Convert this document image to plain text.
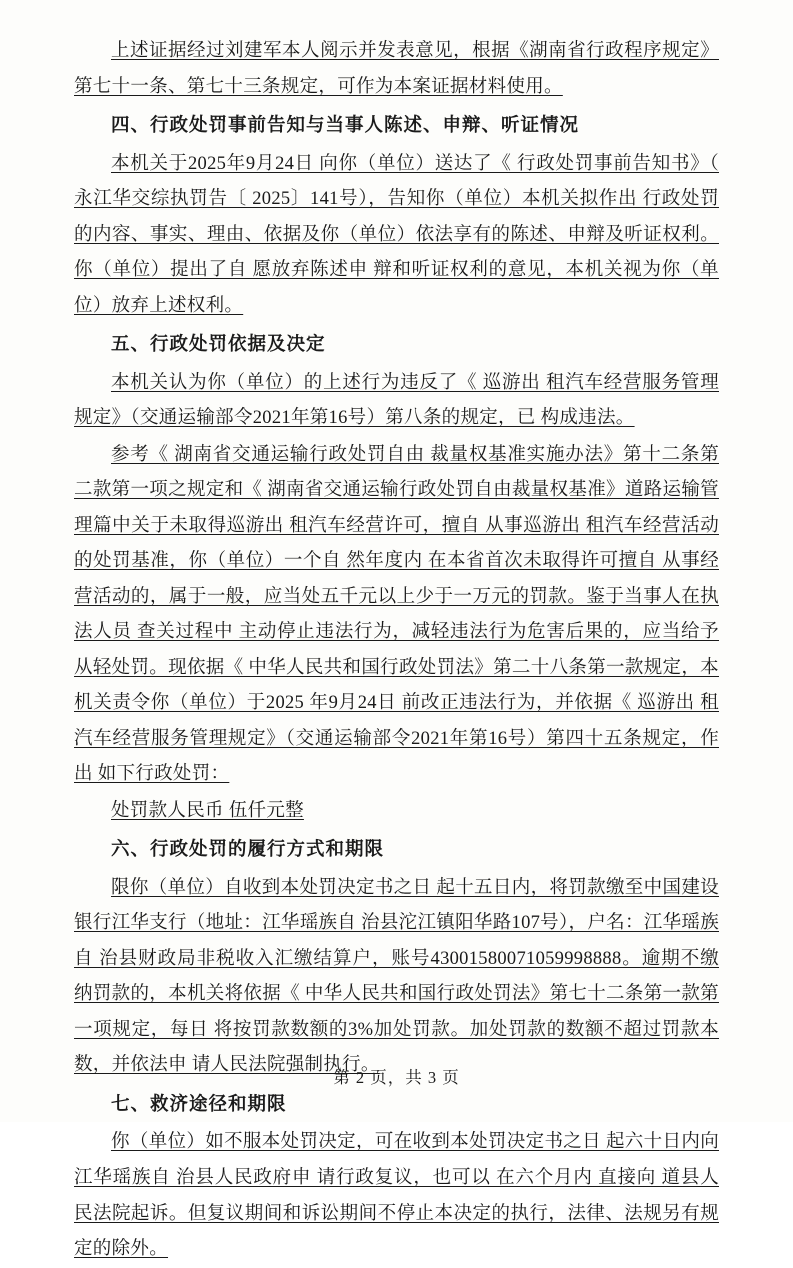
上述证据经过刘建军本人阅示并发表意见，根据《湖南省行政程序规定》第七十一条、第七十三条规定，可作为本案证据材料使用。

四、行政处罚事前告知与当事人陈述、申辩、听证情况

本机关于2025年9月24日 向你（单位）送达了《 行政处罚事前告知书》（ 永江华交综执罚告〔 2025〕141号），告知你（单位）本机关拟作出 行政处罚的内容、事实、理由、依据及你（单位）依法享有的陈述、申辩及听证权利。你（单位）提出了自 愿放弃陈述申 辩和听证权利的意见，本机关视为你（单位）放弃上述权利。

五、行政处罚依据及决定

本机关认为你（单位）的上述行为违反了《 巡游出 租汽车经营服务管理规定》（交通运输部令2021年第16号）第八条的规定，已 构成违法。

参考《 湖南省交通运输行政处罚自由 裁量权基准实施办法》第十二条第二款第一项之规定和《 湖南省交通运输行政处罚自由裁量权基准》道路运输管理篇中关于未取得巡游出 租汽车经营许可，擅自 从事巡游出 租汽车经营活动的处罚基准，你（单位）一个自 然年度内 在本省首次未取得许可擅自 从事经营活动的，属于一般，应当处五千元以上少于一万元的罚款。鉴于当事人在执法人员 查关过程中 主动停止违法行为，减轻违法行为危害后果的，应当给予从轻处罚。现依据《 中华人民共和国行政处罚法》第二十八条第一款规定，本机关责令你（单位）于2025 年9月24日 前改正违法行为，并依据《 巡游出 租汽车经营服务管理规定》（交通运输部令2021年第16号）第四十五条规定，作出 如下行政处罚：

处罚款人民币 伍仟元整

六、行政处罚的履行方式和期限

限你（单位）自收到本处罚决定书之日 起十五日内，将罚款缴至中国建设银行江华支行（地址：江华瑶族自 治县沱江镇阳华路107号），户名：江华瑶族自 治县财政局非税收入汇缴结算户，账号43001580071059998888。逾期不缴纳罚款的，本机关将依据《 中华人民共和国行政处罚法》第七十二条第一款第一项规定，每日 将按罚款数额的3%加处罚款。加处罚款的数额不超过罚款本数，并依法申 请人民法院强制执行。

七、救济途径和期限

你（单位）如不服本处罚决定，可在收到本处罚决定书之日 起六十日内向江华瑶族自 治县人民政府申 请行政复议，也可以 在六个月内 直接向 道县人民法院起诉。但复议期间和诉讼期间不停止本决定的执行，法律、法规另有规定的除外。

第 2 页，共 3 页
